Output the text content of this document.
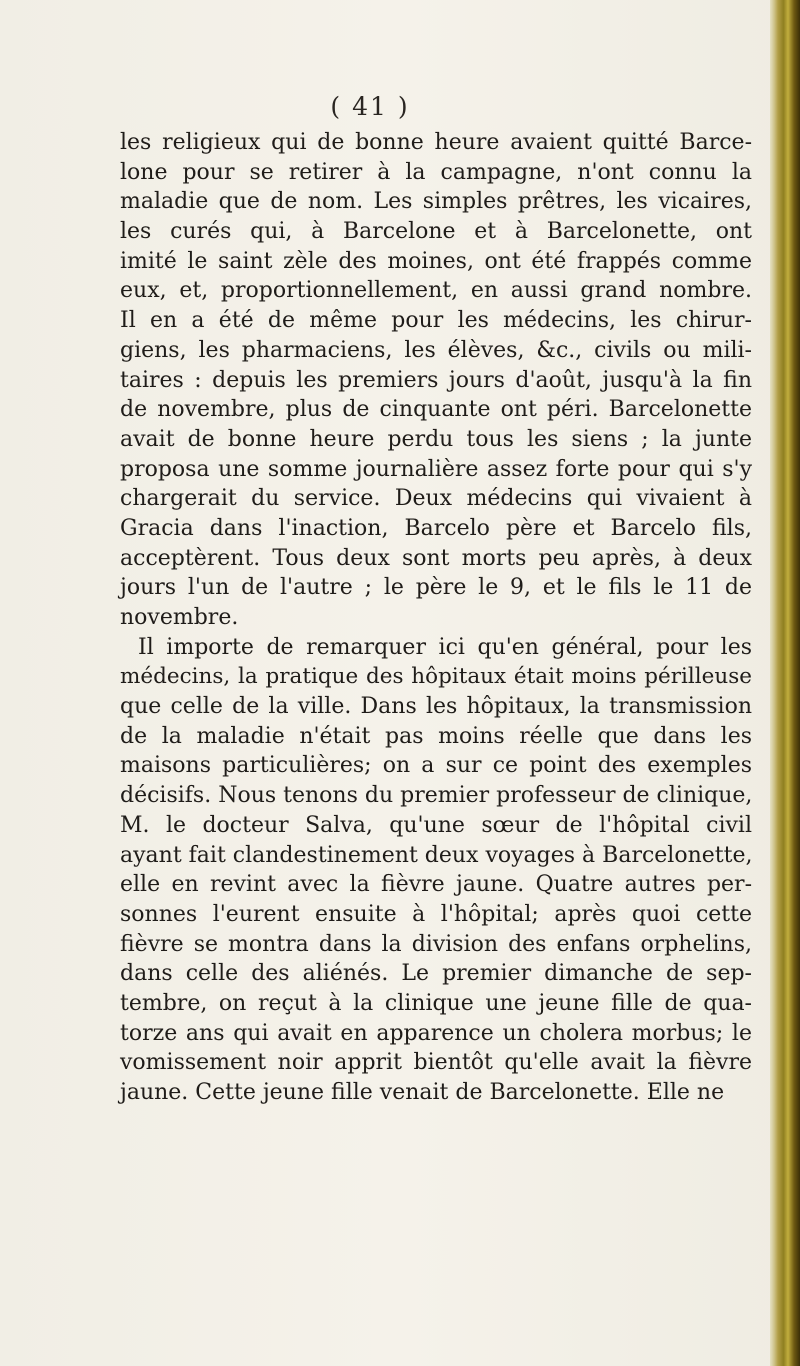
( 41 )
les religieux qui de bonne heure avaient quitté Barce-
lone pour se retirer à la campagne, n'ont connu la
maladie que de nom. Les simples prêtres, les vicaires,
les curés qui, à Barcelone et à Barcelonette, ont
imité le saint zèle des moines, ont été frappés comme
eux, et, proportionnellement, en aussi grand nombre.
Il en a été de même pour les médecins, les chirur-
giens, les pharmaciens, les élèves, &c., civils ou mili-
taires : depuis les premiers jours d'août, jusqu'à la fin
de novembre, plus de cinquante ont péri. Barcelonette
avait de bonne heure perdu tous les siens ; la junte
proposa une somme journalière assez forte pour qui s'y
chargerait du service. Deux médecins qui vivaient à
Gracia dans l'inaction, Barcelo père et Barcelo fils,
acceptèrent. Tous deux sont morts peu après, à deux
jours l'un de l'autre ; le père le 9, et le fils le 11 de
novembre.
Il importe de remarquer ici qu'en général, pour les
médecins, la pratique des hôpitaux était moins périlleuse
que celle de la ville. Dans les hôpitaux, la transmission
de la maladie n'était pas moins réelle que dans les
maisons particulières; on a sur ce point des exemples
décisifs. Nous tenons du premier professeur de clinique,
M. le docteur Salva, qu'une sœur de l'hôpital civil
ayant fait clandestinement deux voyages à Barcelonette,
elle en revint avec la fièvre jaune. Quatre autres per-
sonnes l'eurent ensuite à l'hôpital; après quoi cette
fièvre se montra dans la division des enfans orphelins,
dans celle des aliénés. Le premier dimanche de sep-
tembre, on reçut à la clinique une jeune fille de qua-
torze ans qui avait en apparence un cholera morbus; le
vomissement noir apprit bientôt qu'elle avait la fièvre
jaune. Cette jeune fille venait de Barcelonette. Elle ne
